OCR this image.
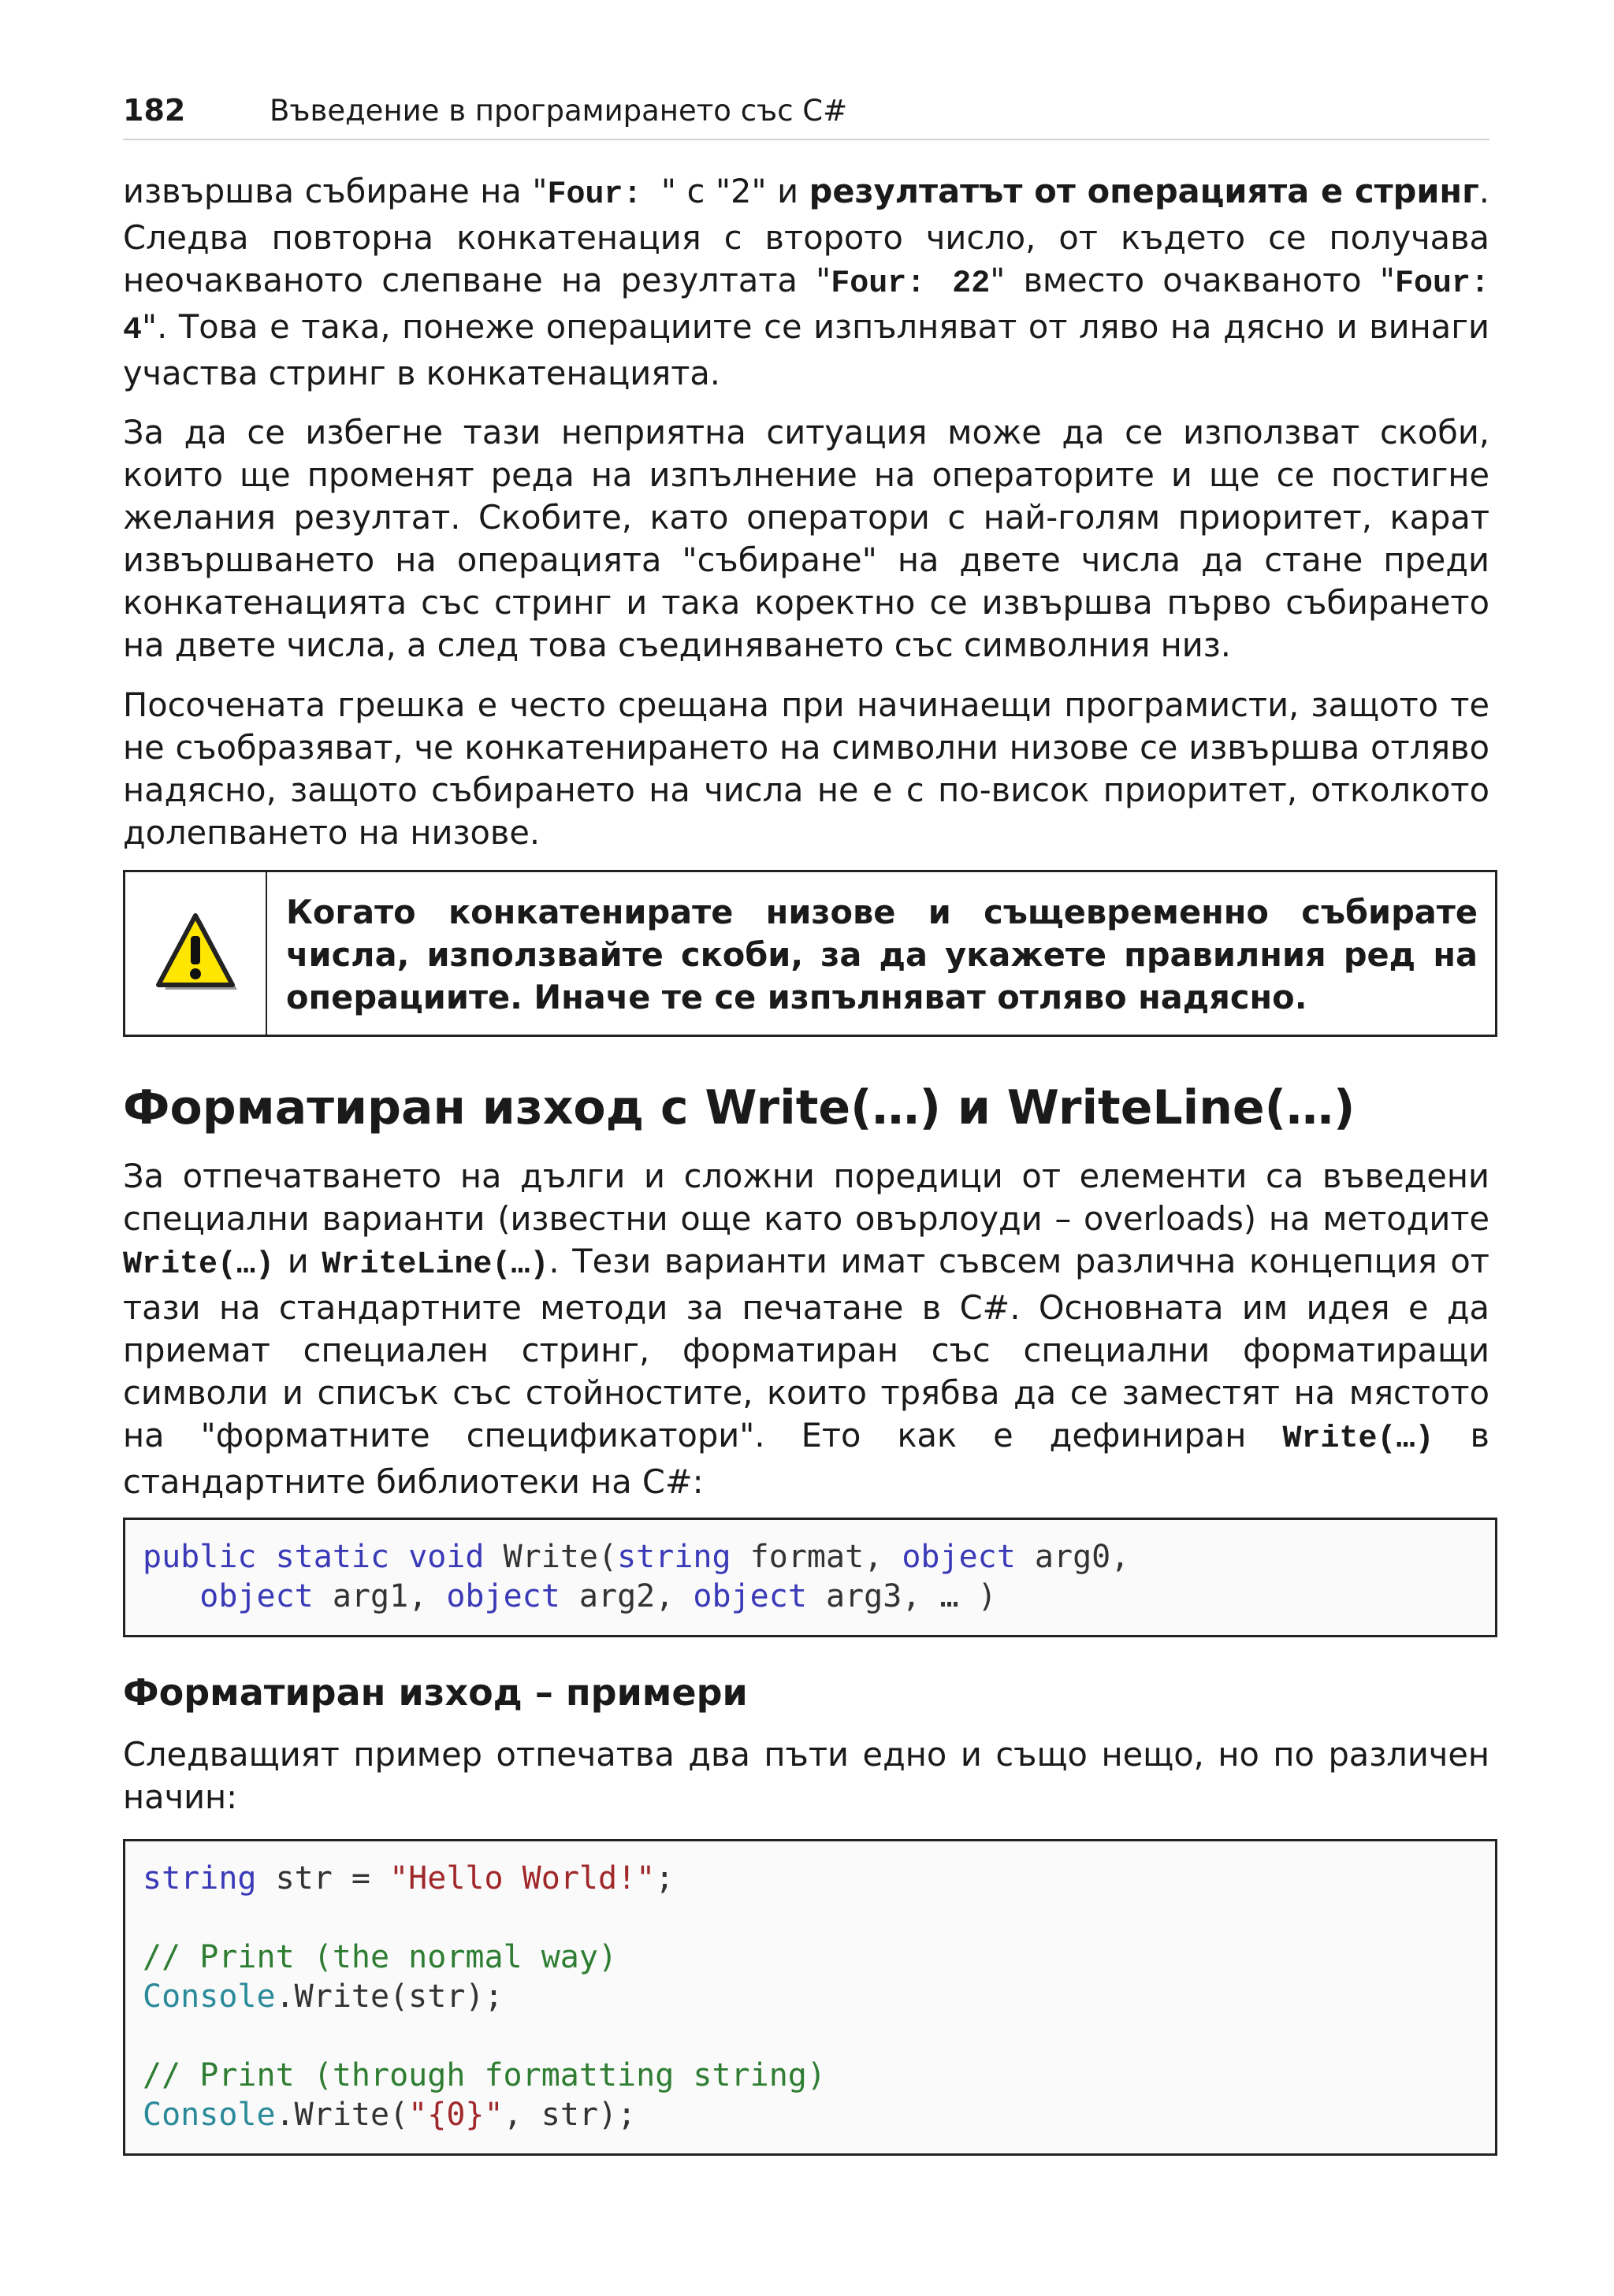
182	Въведение в програмирането със C#

извършва събиране на "Four: " с "2" и резултатът от операцията е стринг. Следва повторна конкатенация с второто число, от където се получава неочакваното слепване на резултата "Four: 22" вместо очакваното "Four: 4". Това е така, понеже операциите се изпълняват от ляво на дясно и винаги участва стринг в конкатенацията.

За да се избегне тази неприятна ситуация може да се използват скоби, които ще променят реда на изпълнение на операторите и ще се постигне желания резултат. Скобите, като оператори с най-голям приоритет, карат извършването на операцията "събиране" на двете числа да стане преди конкатенацията със стринг и така коректно се извършва първо събирането на двете числа, а след това съединяването със символния низ.

Посочената грешка е често срещана при начинаещи програмисти, защото те не съобразяват, че конкатенирането на символни низове се извършва отляво надясно, защото събирането на числа не е с по-висок приоритет, отколкото долепването на низове.

Когато конкатенирате низове и същевременно събирате числа, използвайте скоби, за да укажете правилния ред на операциите. Иначе те се изпълняват отляво надясно.
Форматиран изход с Write(…) и WriteLine(…)

За отпечатването на дълги и сложни поредици от елементи са въведени специални варианти (известни още като овърлоуди – overloads) на методите Write(…) и WriteLine(…). Тези варианти имат съвсем различна концепция от тази на стандартните методи за печатане в C#. Основната им идея е да приемат специален стринг, форматиран със специални форматиращи символи и списък със стойностите, които трябва да се заместят на мястото на "форматните спецификатори". Ето как е дефиниран Write(…) в стандартните библиотеки на C#:

public static void Write(string format, object arg0,
object arg1, object arg2, object arg3, … )
Форматиран изход – примери

Следващият пример отпечатва два пъти едно и също нещо, но по различен начин:

string str = "Hello World!";
// Print (the normal way)
Console.Write(str);
// Print (through formatting string)
Console.Write("{0}", str);
